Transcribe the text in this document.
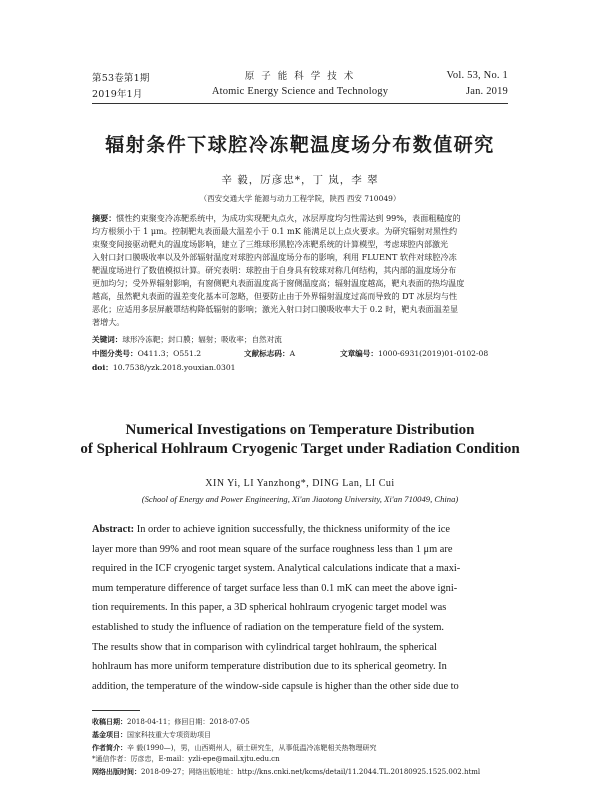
第53卷第1期
2019年1月
原 子 能 科 学 技 术
Atomic Energy Science and Technology
Vol. 53, No. 1
Jan. 2019
辐射条件下球腔冷冻靶温度场分布数值研究
辛 毅，厉彦忠*，丁 岚，李 翠
（西安交通大学 能源与动力工程学院，陕西 西安 710049）

摘要：惯性约束聚变冷冻靶系统中，为成功实现靶丸点火，冰层厚度均匀性需达到 99%，表面粗糙度的

均方根须小于 1 μm。控制靶丸表面最大温差小于 0.1 mK 能满足以上点火要求。为研究辐射对黑性约

束聚变间接驱动靶丸的温度场影响，建立了三维球形黑腔冷冻靶系统的计算模型，考虑球腔内部激光

入射口封口膜吸收率以及外部辐射温度对球腔内部温度场分布的影响，利用 FLUENT 软件对球腔冷冻

靶温度场进行了数值模拟计算。研究表明：球腔由于自身具有较球对称几何结构，其内部的温度场分布

更加均匀；受外界辐射影响，有窗侧靶丸表面温度高于窗侧温度高；辐射温度越高，靶丸表面的热均温度

越高，虽然靶丸表面的温差变化基本可忽略，但要防止由于外界辐射温度过高而导致的 DT 冰层均与性

恶化；应适用多层屏蔽罩结构降低辐射的影响；激光入射口封口膜吸收率大于 0.2 时，靶丸表面温差显

著增大。

关键词：球形冷冻靶；封口膜；辐射；吸收率；自然对流
中图分类号：O411.3；O551.2	文献标志码：A	文章编号：1000-6931(2019)01-0102-08
doi：10.7538/yzk.2018.youxian.0301
Numerical Investigations on Temperature Distribution
of Spherical Hohlraum Cryogenic Target under Radiation Condition
XIN Yi, LI Yanzhong*, DING Lan, LI Cui
(School of Energy and Power Engineering, Xi'an Jiaotong University, Xi'an 710049, China)
Abstract: In order to achieve ignition successfully, the thickness uniformity of the ice
layer more than 99% and root mean square of the surface roughness less than 1 μm are
required in the ICF cryogenic target system. Analytical calculations indicate that a maxi-
mum temperature difference of target surface less than 0.1 mK can meet the above igni-
tion requirements. In this paper, a 3D spherical hohlraum cryogenic target model was
established to study the influence of radiation on the temperature field of the system.
The results show that in comparison with cylindrical target hohlraum, the spherical
hohlraum has more uniform temperature distribution due to its spherical geometry. In
addition, the temperature of the window-side capsule is higher than the other side due to
收稿日期：2018-04-11；修回日期：2018-07-05
基金项目：国家科技重大专项资助项目
作者简介：辛 毅(1990—)，男，山西朔州人，硕士研究生，从事低温冷冻靶相关热物理研究
*通信作者：厉彦忠，E-mail：yzli-epe@mail.xjtu.edu.cn
网络出版时间：2018-09-27；网络出版地址：http://kns.cnki.net/kcms/detail/11.2044.TL.20180925.1525.002.html
